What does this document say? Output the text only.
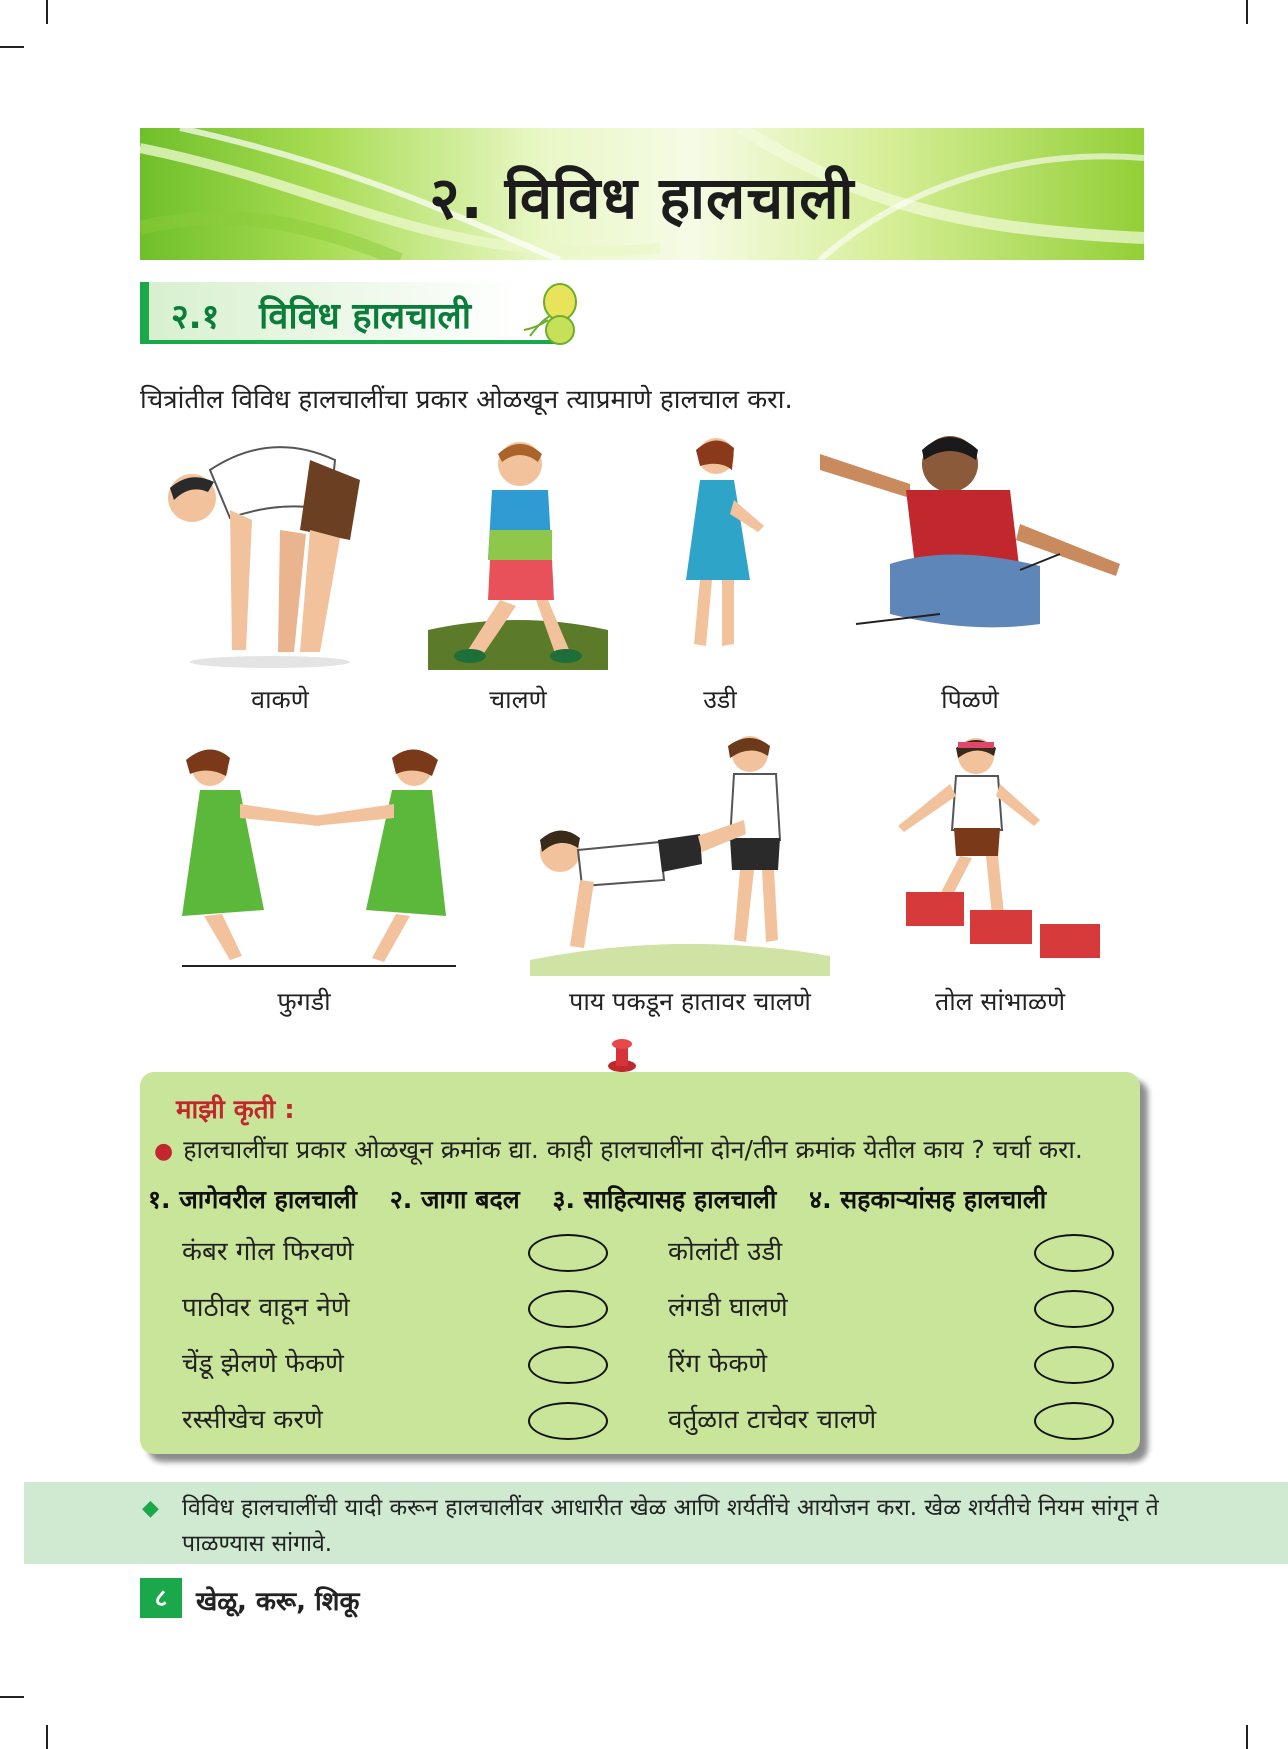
२. विविध हालचाली
२.१ विविध हालचाली
चित्रांतील विविध हालचालींचा प्रकार ओळखून त्याप्रमाणे हालचाल करा.
वाकणे	चालणे	उडी	पिळणे
फुगडी	पाय पकडून हातावर चालणे	तोल सांभाळणे
माझी कृती :
● हालचालींचा प्रकार ओळखून क्रमांक द्या. काही हालचालींना दोन/तीन क्रमांक येतील काय ? चर्चा करा.
१. जागेवरील हालचाली २. जागा बदल ३. साहित्यासह हालचाली ४. सहकाऱ्यांसह हालचाली
कंबर गोल फिरवणे
पाठीवर वाहून नेणे
चेंडू झेलणे फेकणे
रस्सीखेच करणे
कोलांटी उडी
लंगडी घालणे
रिंग फेकणे
वर्तुळात टाचेवर चालणे
◆ विविध हालचालींची यादी करून हालचालींवर आधारीत खेळ आणि शर्यतींचे आयोजन करा. खेळ शर्यतीचे नियम सांगून ते पाळण्यास सांगावे.
८	खेळू, करू, शिकू
